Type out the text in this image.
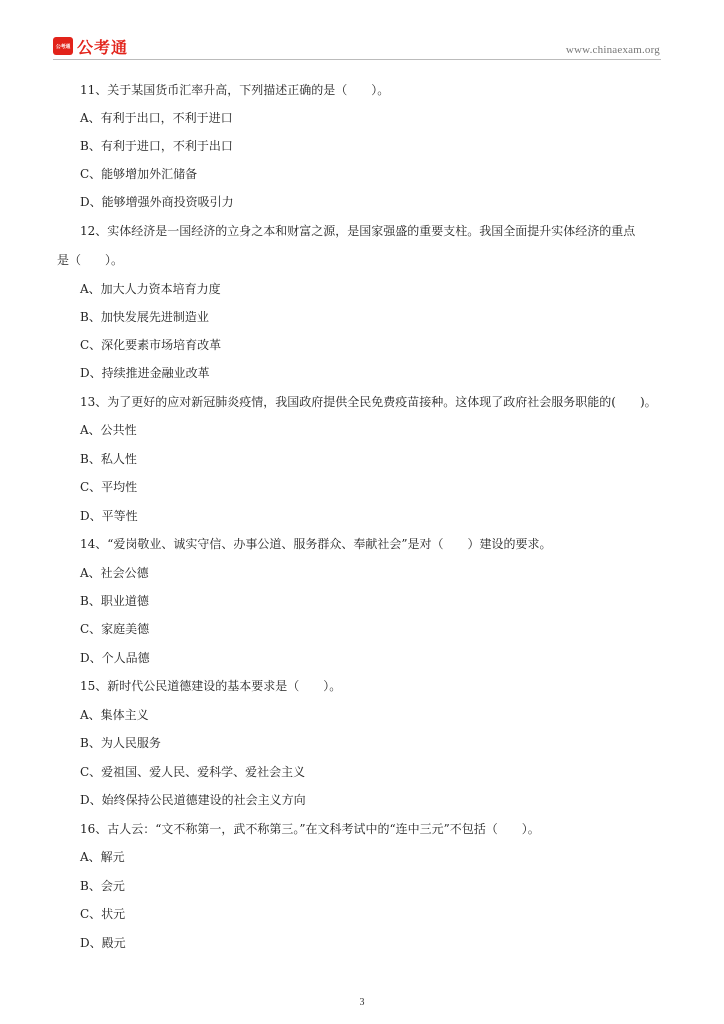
公考通 公考通	www.chinaexam.org
11、关于某国货币汇率升高，下列描述正确的是（　　）。
A、有利于出口，不利于进口
B、有利于进口，不利于出口
C、能够增加外汇储备
D、能够增强外商投资吸引力
12、实体经济是一国经济的立身之本和财富之源，是国家强盛的重要支柱。我国全面提升实体经济的重点
是（　　）。
A、加大人力资本培育力度
B、加快发展先进制造业
C、深化要素市场培育改革
D、持续推进金融业改革
13、为了更好的应对新冠肺炎疫情，我国政府提供全民免费疫苗接种。这体现了政府社会服务职能的(　　)。
A、公共性
B、私人性
C、平均性
D、平等性
14、“爱岗敬业、诚实守信、办事公道、服务群众、奉献社会”是对（　　）建设的要求。
A、社会公德
B、职业道德
C、家庭美德
D、个人品德
15、新时代公民道德建设的基本要求是（　　）。
A、集体主义
B、为人民服务
C、爱祖国、爱人民、爱科学、爱社会主义
D、始终保持公民道德建设的社会主义方向
16、古人云：“文不称第一，武不称第三。”在文科考试中的“连中三元”不包括（　　）。
A、解元
B、会元
C、状元
D、殿元
3
